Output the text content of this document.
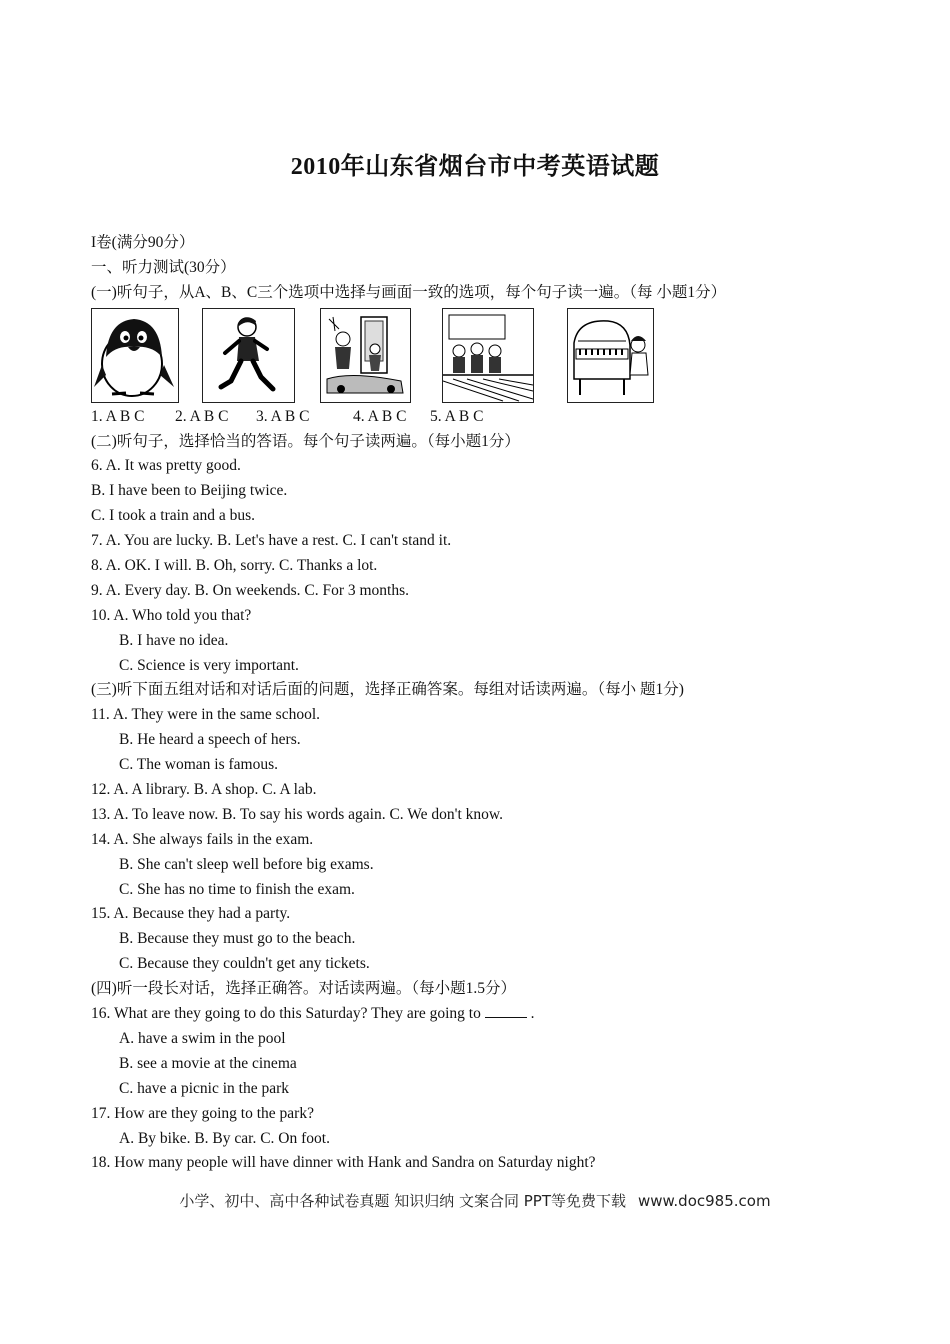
2010年山东省烟台市中考英语试题
I卷(满分90分）
一、听力测试(30分）
(一)听句子，从A、B、C三个选项中选择与画面一致的选项，每个句子读一遍。（每 小题1分）
1. A B C 2. A B C 3. A B C	4. A B C 5. A B C
(二)听句子，选择恰当的答语。每个句子读两遍。（每小题1分）
6. A. It was pretty good.
B. I have been to Beijing twice.
C. I took a train and a bus.
7. A. You are lucky. B. Let's have a rest. C. I can't stand it.
8. A. OK. I will. B. Oh, sorry. C. Thanks a lot.
9. A. Every day. B. On weekends. C. For 3 months.
10. A. Who told you that?
B. I have no idea.
C. Science is very important.
(三)听下面五组对话和对话后面的问题，选择正确答案。每组对话读两遍。（每小 题1分)
11. A. They were in the same school.
B. He heard a speech of hers.
C. The woman is famous.
12. A. A library. B. A shop. C. A lab.
13. A. To leave now. B. To say his words again. C. We don't know.
14. A. She always fails in the exam.
B. She can't sleep well before big exams.
C. She has no time to finish the exam.
15. A. Because they had a party.
B. Because they must go to the beach.
C. Because they couldn't get any tickets.
(四)听一段长对话，选择正确答。对话读两遍。（每小题1.5分）
16. What are they going to do this Saturday? They are going to	.
A. have a swim in the pool
B. see a movie at the cinema
C. have a picnic in the park
17. How are they going to the park?
A. By bike. B. By car. C. On foot.
18. How many people will have dinner with Hank and Sandra on Saturday night?
小学、初中、高中各种试卷真题 知识归纳 文案合同 PPT等免费下载 www.doc985.com
